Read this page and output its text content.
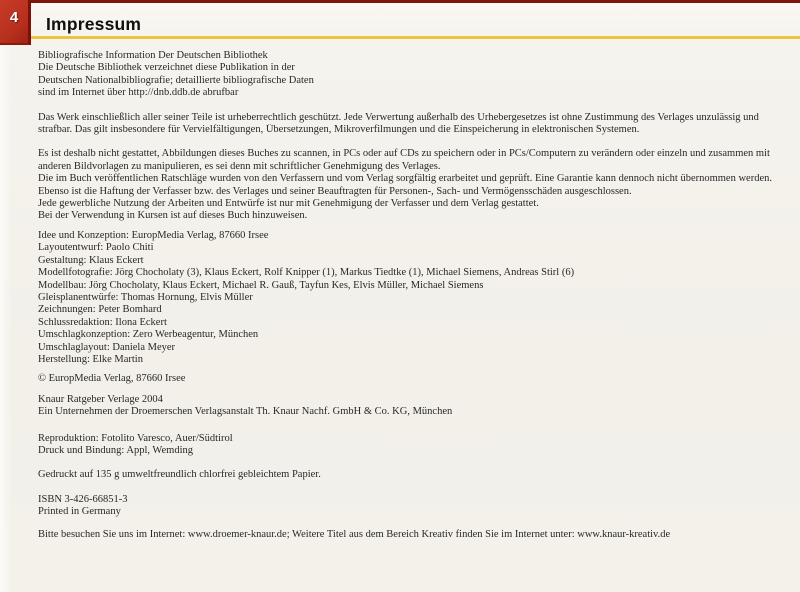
4	Impressum
Bibliografische Information Der Deutschen Bibliothek
Die Deutsche Bibliothek verzeichnet diese Publikation in der
Deutschen Nationalbibliografie; detaillierte bibliografische Daten
sind im Internet über http://dnb.ddb.de abrufbar
Das Werk einschließlich aller seiner Teile ist urheberrechtlich geschützt. Jede Verwertung außerhalb des Urhebergesetzes ist ohne Zustimmung des Verlages unzulässig und
strafbar. Das gilt insbesondere für Vervielfältigungen, Übersetzungen, Mikroverfilmungen und die Einspeicherung in elektronischen Systemen.
Es ist deshalb nicht gestattet, Abbildungen dieses Buches zu scannen, in PCs oder auf CDs zu speichern oder in PCs/Computern zu verändern oder einzeln und zusammen mit
anderen Bildvorlagen zu manipulieren, es sei denn mit schriftlicher Genehmigung des Verlages.
Die im Buch veröffentlichen Ratschläge wurden von den Verfassern und vom Verlag sorgfältig erarbeitet und geprüft. Eine Garantie kann dennoch nicht übernommen werden.
Ebenso ist die Haftung der Verfasser bzw. des Verlages und seiner Beauftragten für Personen-, Sach- und Vermögensschäden ausgeschlossen.
Jede gewerbliche Nutzung der Arbeiten und Entwürfe ist nur mit Genehmigung der Verfasser und dem Verlag gestattet.
Bei der Verwendung in Kursen ist auf dieses Buch hinzuweisen.
Idee und Konzeption: EuropMedia Verlag, 87660 Irsee
Layoutentwurf: Paolo Chiti
Gestaltung: Klaus Eckert
Modellfotografie: Jörg Chocholaty (3), Klaus Eckert, Rolf Knipper (1), Markus Tiedtke (1), Michael Siemens, Andreas Stirl (6)
Modellbau: Jörg Chocholaty, Klaus Eckert, Michael R. Gauß, Tayfun Kes, Elvis Müller, Michael Siemens
Gleisplanentwürfe: Thomas Hornung, Elvis Müller
Zeichnungen: Peter Bomhard
Schlussredaktion: Ilona Eckert
Umschlagkonzeption: Zero Werbeagentur, München
Umschlaglayout: Daniela Meyer
Herstellung: Elke Martin
© EuropMedia Verlag, 87660 Irsee
Knaur Ratgeber Verlage 2004
Ein Unternehmen der Droemerschen Verlagsanstalt Th. Knaur Nachf. GmbH & Co. KG, München
Reproduktion: Fotolito Varesco, Auer/Südtirol
Druck und Bindung: Appl, Wemding
Gedruckt auf 135 g umweltfreundlich chlorfrei gebleichtem Papier.
ISBN 3-426-66851-3
Printed in Germany
Bitte besuchen Sie uns im Internet: www.droemer-knaur.de; Weitere Titel aus dem Bereich Kreativ finden Sie im Internet unter: www.knaur-kreativ.de
